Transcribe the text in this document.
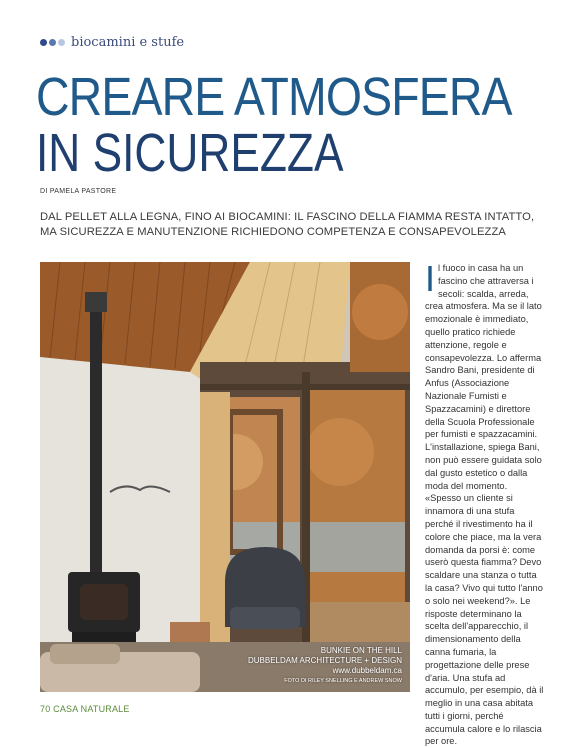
biocamini e stufe
CREARE ATMOSFERA
IN SICUREZZA
DI PAMELA PASTORE
DAL PELLET ALLA LEGNA, FINO AI BIOCAMINI: IL FASCINO DELLA FIAMMA RESTA INTATTO, MA SICUREZZA E MANUTENZIONE RICHIEDONO COMPETENZA E CONSAPEVOLEZZA
BUNKIE ON THE HILL
DUBBELDAM ARCHITECTURE + DESIGN
www.dubbeldam.ca
FOTO DI RILEY SNELLING E ANDREW SNOW
I l fuoco in casa ha un fascino che attraversa i secoli: scalda, arreda, crea atmosfera. Ma se il lato emozionale è immediato, quello pratico richiede attenzione, regole e consapevolezza. Lo afferma Sandro Bani, presidente di Anfus (Associazione Nazionale Fumisti e Spazzacamini) e direttore della Scuola Professionale per fumisti e spazzacamini. L'installazione, spiega Bani, non può essere guidata solo dal gusto estetico o dalla moda del momento. «Spesso un cliente si innamora di una stufa perché il rivestimento ha il colore che piace, ma la vera domanda da porsi è: come userò questa fiamma? Devo scaldare una stanza o tutta la casa? Vivo qui tutto l'anno o solo nei weekend?». Le risposte determinano la scelta dell'apparecchio, il dimensionamento della canna fumaria, la progettazione delle prese d'aria. Una stufa ad accumulo, per esempio, dà il meglio in una casa abitata tutti i giorni, perché accumula calore e lo rilascia per ore.
70 CASA NATURALE
